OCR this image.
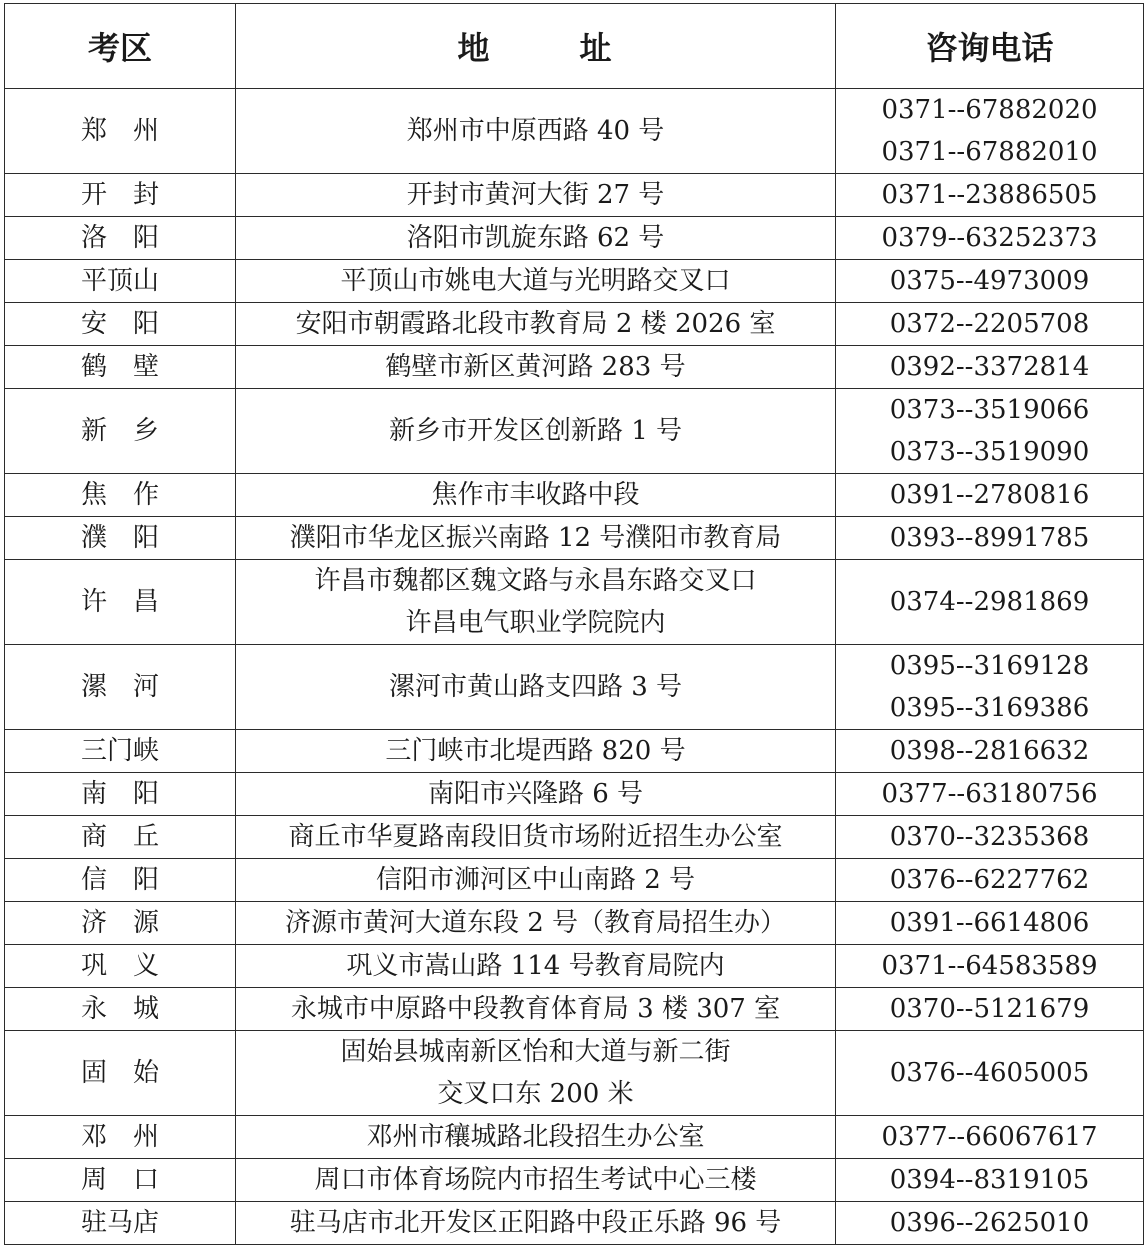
考区	地 址	咨询电话
郑　州	郑州市中原西路 40 号	0371--67882020
0371--67882010

开　封	开封市黄河大街 27 号	0371--23886505

洛　阳	洛阳市凯旋东路 62 号	0379--63252373

平顶山	平顶山市姚电大道与光明路交叉口	0375--4973009

安　阳	安阳市朝霞路北段市教育局 2 楼 2026 室	0372--2205708

鹤　壁	鹤壁市新区黄河路 283 号	0392--3372814

新　乡	新乡市开发区创新路 1 号	0373--3519066
0373--3519090

焦　作	焦作市丰收路中段	0391--2780816

濮　阳	濮阳市华龙区振兴南路 12 号濮阳市教育局	0393--8991785

许　昌	许昌市魏都区魏文路与永昌东路交叉口
许昌电气职业学院院内	0374--2981869

漯　河	漯河市黄山路支四路 3 号	0395--3169128
0395--3169386

三门峡	三门峡市北堤西路 820 号	0398--2816632

南　阳	南阳市兴隆路 6 号	0377--63180756

商　丘	商丘市华夏路南段旧货市场附近招生办公室	0370--3235368

信　阳	信阳市浉河区中山南路 2 号	0376--6227762

济　源	济源市黄河大道东段 2 号（教育局招生办）	0391--6614806

巩　义	巩义市嵩山路 114 号教育局院内	0371--64583589

永　城	永城市中原路中段教育体育局 3 楼 307 室	0370--5121679

固　始	固始县城南新区怡和大道与新二街
交叉口东 200 米	0376--4605005

邓　州	邓州市穰城路北段招生办公室	0377--66067617

周　口	周口市体育场院内市招生考试中心三楼	0394--8319105

驻马店	驻马店市北开发区正阳路中段正乐路 96 号	0396--2625010
